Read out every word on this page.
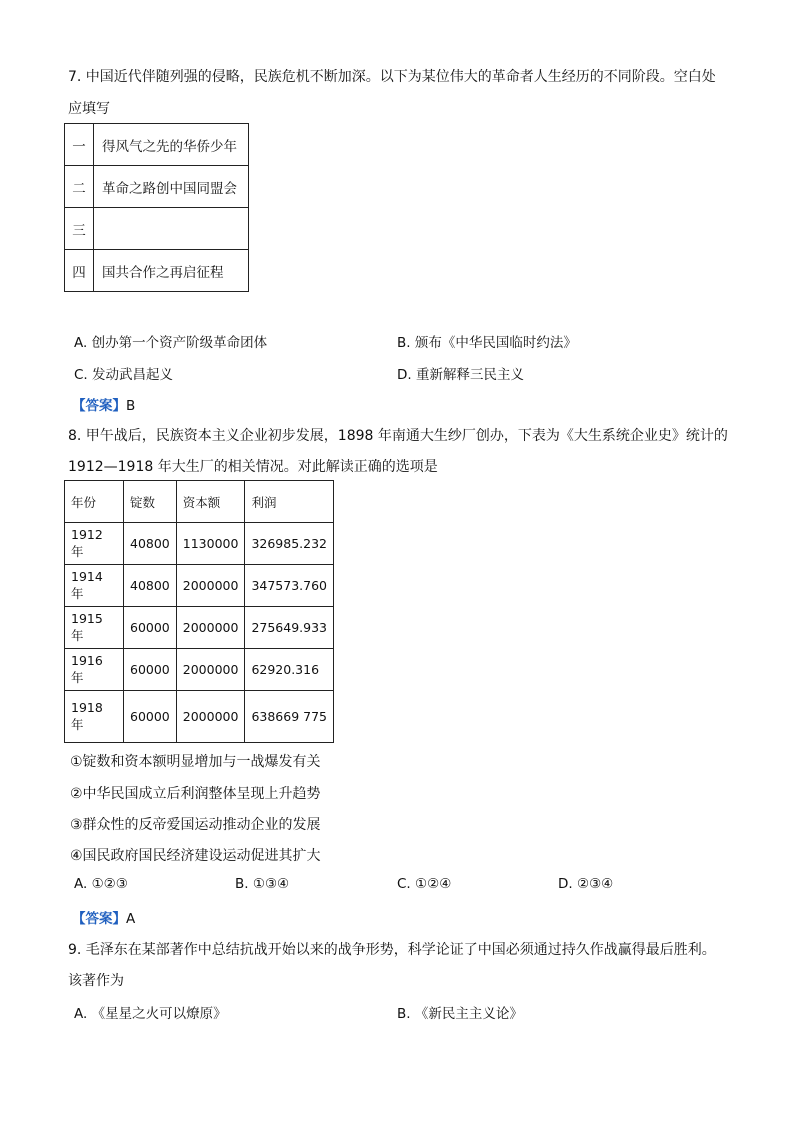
7. 中国近代伴随列强的侵略，民族危机不断加深。以下为某位伟大的革命者人生经历的不同阶段。空白处
应填写
一	得风气之先的华侨少年
二	革命之路创中国同盟会
三	
四	国共合作之再启征程
A. 创办第一个资产阶级革命团体	B. 颁布《中华民国临时约法》
C. 发动武昌起义	D. 重新解释三民主义
【答案】B
8. 甲午战后，民族资本主义企业初步发展，1898 年南通大生纱厂创办，下表为《大生系统企业史》统计的
1912—1918 年大生厂的相关情况。对此解读正确的选项是
年份	锭数	资本额	利润
1912 年	40800	1130000	326985.232
1914 年	40800	2000000	347573.760
1915 年	60000	2000000	275649.933
1916 年	60000	2000000	62920.316
1918 年	60000	2000000	638669 775
①锭数和资本额明显增加与一战爆发有关
②中华民国成立后利润整体呈现上升趋势
③群众性的反帝爱国运动推动企业的发展
④国民政府国民经济建设运动促进其扩大
A. ①②③	B. ①③④	C. ①②④	D. ②③④
【答案】A
9. 毛泽东在某部著作中总结抗战开始以来的战争形势，科学论证了中国必须通过持久作战赢得最后胜利。
该著作为
A. 《星星之火可以燎原》	B. 《新民主主义论》
